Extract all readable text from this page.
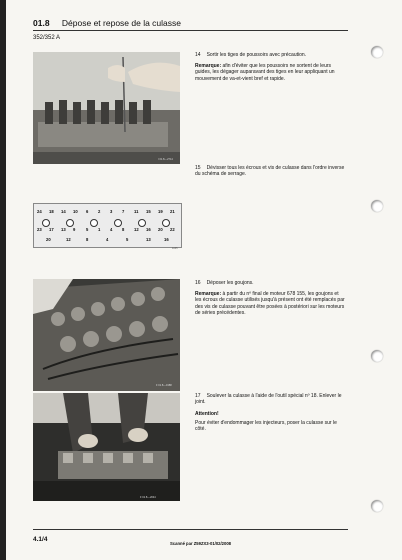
01.8 Dépose et repose de la culasse
352/352 A
I 01.8—2714
14 Sortir les tiges de poussoirs avec précaution.
Remarque: afin d'éviter que les poussoirs ne sortent de leurs guides, les dégager auparavant des tiges en leur appliquant un mouvement de va-et-vient bref et rapide.
15 Dévisser tous les écrous et vis de culasse dans l'ordre inverse du schéma de serrage.
24 18 14 10 6 2 3 7 11 15 19 21
23 17 13 9	5 1 4 8 12 16 20 22
20	12	8	4	5	13	16
1035
F 01.8—1988
16 Déposer les goujons.
Remarque: à partir du nº final de moteur 678 155, les goujons et les écrous de culasse utilisés jusqu'à présent ont été remplacés par des vis de culasse pouvant être posées à postériori sur les moteurs de séries précédentes.
F 01.8—2044
17 Soulever la culasse à l'aide de l'outil spécial nº 18. Enlever le joint.
Attention!
Pour éviter d'endommager les injecteurs, poser la culasse sur le côté.
4.1/4
Scanné par Z59ZX3-01/02/2008
